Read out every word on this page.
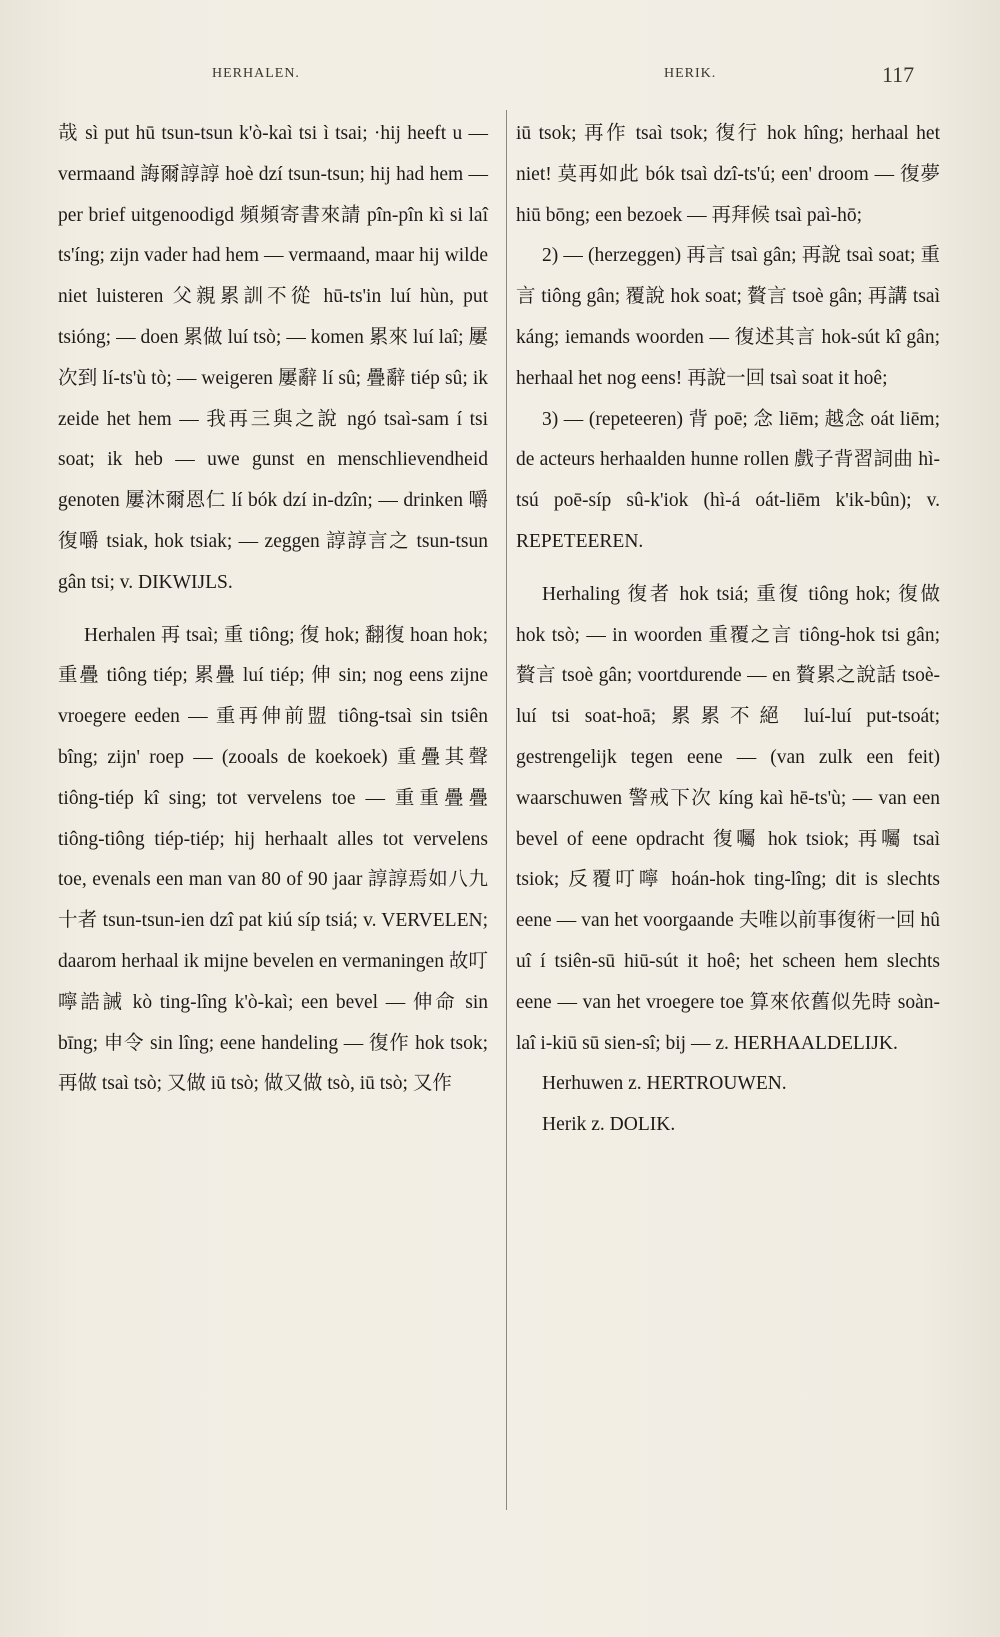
HERHALEN.	HERIK.	117

哉 sì put hū tsun-tsun k'ò-kaì tsi ì tsai; ·hij heeft u — vermaand 誨爾諄諄 hoè dzí tsun-tsun; hij had hem — per brief uitgenoodigd 頻頻寄書來請 pîn-pîn kì si laî ts'íng; zijn vader had hem — vermaand, maar hij wilde niet luisteren 父親累訓不從 hū-ts'in luí hùn, put tsióng; — doen 累做 luí tsò; — komen 累來 luí laî; 屢次到 lí-ts'ù tò; — weigeren 屢辭 lí sû; 疊辭 tiép sû; ik zeide het hem — 我再三與之說 ngó tsaì-sam í tsi soat; ik heb — uwe gunst en menschlievendheid genoten 屢沐爾恩仁 lí bók dzí in-dzîn; — drinken 嚼復嚼 tsiak, hok tsiak; — zeggen 諄諄言之 tsun-tsun gân tsi; v. DIKWIJLS.

Herhalen 再 tsaì; 重 tiông; 復 hok; 翻復 hoan hok; 重疊 tiông tiép; 累疊 luí tiép; 伸 sin; nog eens zijne vroegere eeden — 重再伸前盟 tiông-tsaì sin tsiên bîng; zijn' roep — (zooals de koekoek) 重疊其聲 tiông-tiép kî sing; tot vervelens toe — 重重疊疊 tiông-tiông tiép-tiép; hij herhaalt alles tot vervelens toe, evenals een man van 80 of 90 jaar 諄諄焉如八九十者 tsun-tsun-ien dzî pat kiú síp tsiá; v. VERVELEN; daarom herhaal ik mijne bevelen en vermaningen 故叮嚀誥誡 kò ting-lîng k'ò-kaì; een bevel — 伸命 sin bīng; 申令 sin lîng; eene handeling — 復作 hok tsok; 再做 tsaì tsò; 又做 iū tsò; 做又做 tsò, iū tsò; 又作

iū tsok; 再作 tsaì tsok; 復行 hok hîng; herhaal het niet! 莫再如此 bók tsaì dzî-ts'ú; een' droom — 復夢 hiū bōng; een bezoek — 再拜候 tsaì paì-hō;

2) — (herzeggen) 再言 tsaì gân; 再說 tsaì soat; 重言 tiông gân; 覆說 hok soat; 贅言 tsoè gân; 再講 tsaì káng; iemands woorden — 復述其言 hok-sút kî gân; herhaal het nog eens! 再說一回 tsaì soat it hoê;

3) — (repeteeren) 背 poē; 念 liēm; 越念 oát liēm; de acteurs herhaalden hunne rollen 戲子背習詞曲 hì-tsú poē-síp sû-k'iok (hì-á oát-liēm k'ik-bûn); v. REPETEEREN.

Herhaling 復者 hok tsiá; 重復 tiông hok; 復做 hok tsò; — in woorden 重覆之言 tiông-hok tsi gân; 贅言 tsoè gân; voortdurende — en 贅累之說話 tsoè-luí tsi soat-hoā; 累累不絕 luí-luí put-tsoát; gestrengelijk tegen eene — (van zulk een feit) waarschuwen 警戒下次 kíng kaì hē-ts'ù; — van een bevel of eene opdracht 復囑 hok tsiok; 再囑 tsaì tsiok; 反覆叮嚀 hoán-hok ting-lîng; dit is slechts eene — van het voorgaande 夫唯以前事復術一回 hû uî í tsiên-sū hiū-sút it hoê; het scheen hem slechts eene — van het vroegere toe 算來依舊似先時 soàn-laî i-kiū sū sien-sî; bij — z. HERHAALDELIJK.

Herhuwen z. HERTROUWEN.

Herik z. DOLIK.
